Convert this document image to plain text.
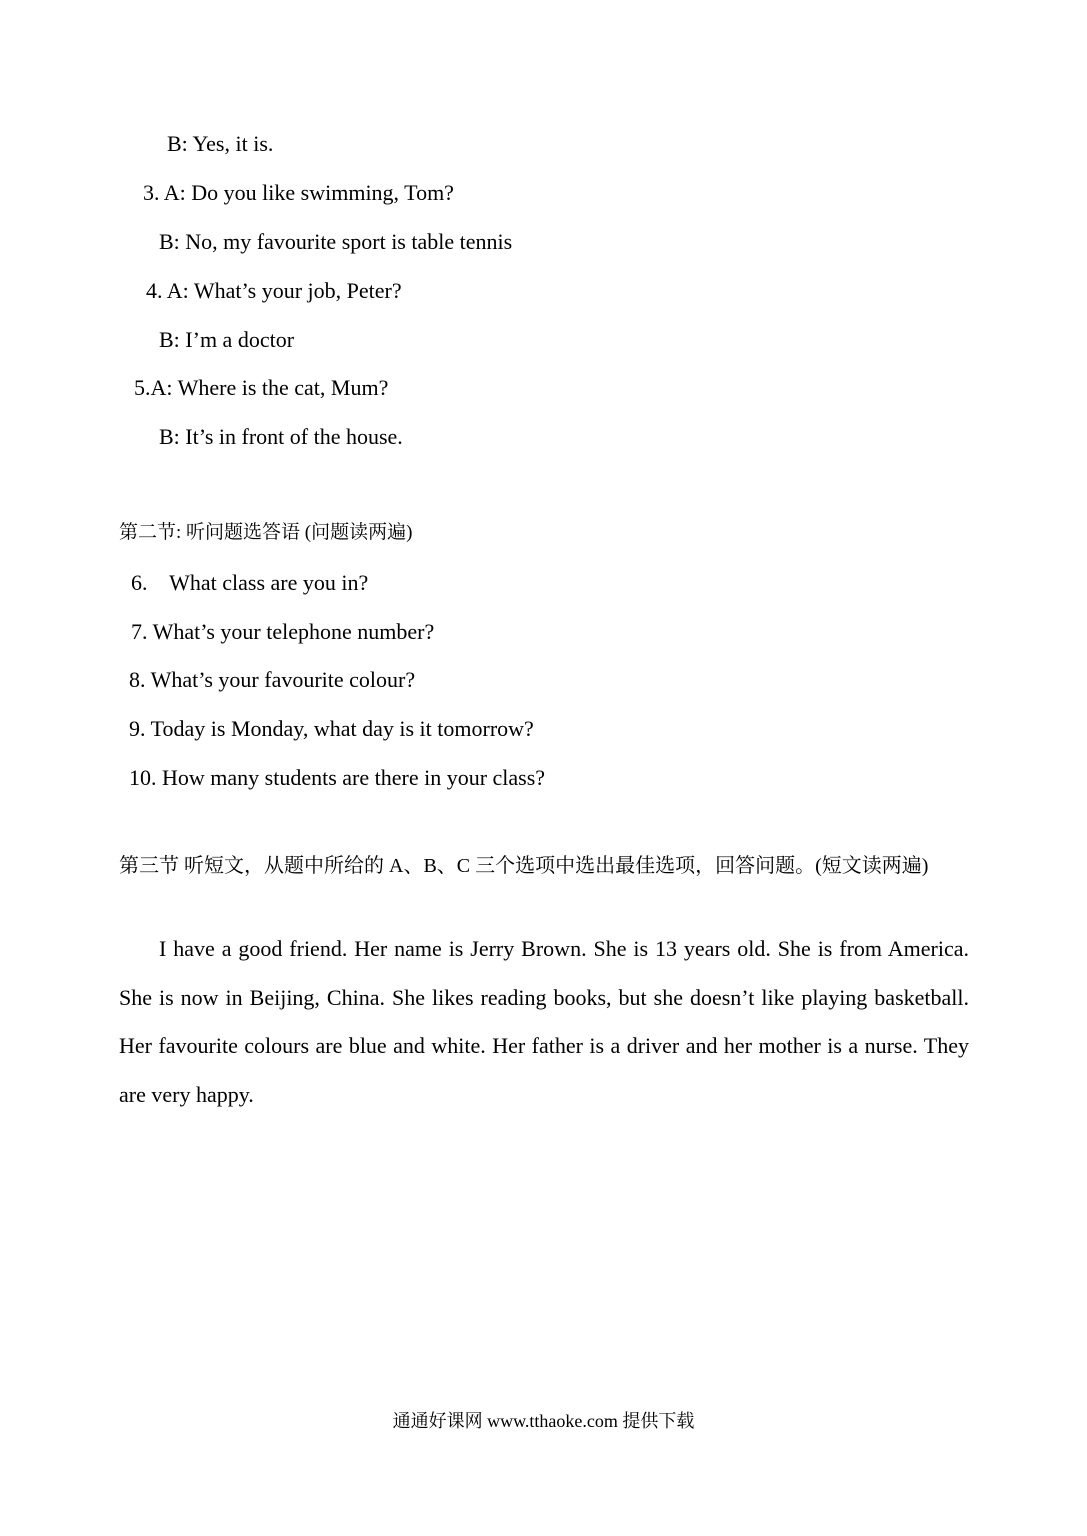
B: Yes, it is.
3. A: Do you like swimming, Tom?
B: No, my favourite sport is table tennis
4. A: What’s your job, Peter?
B: I’m a doctor
5.A: Where is the cat, Mum?
B: It’s in front of the house.
第二节: 听问题选答语 (问题读两遍)
6.    What class are you in?
7. What’s your telephone number?
8. What’s your favourite colour?
9. Today is Monday, what day is it tomorrow?
10. How many students are there in your class?
第三节 听短文，从题中所给的 A、B、C 三个选项中选出最佳选项，回答问题。(短文读两遍)
I have a good friend. Her name is Jerry Brown. She is 13 years old. She is from America. She is now in Beijing, China. She likes reading books, but she doesn’t like playing basketball. Her favourite colours are blue and white. Her father is a driver and her mother is a nurse. They are very happy.
通通好课网 www.tthaoke.com 提供下载
